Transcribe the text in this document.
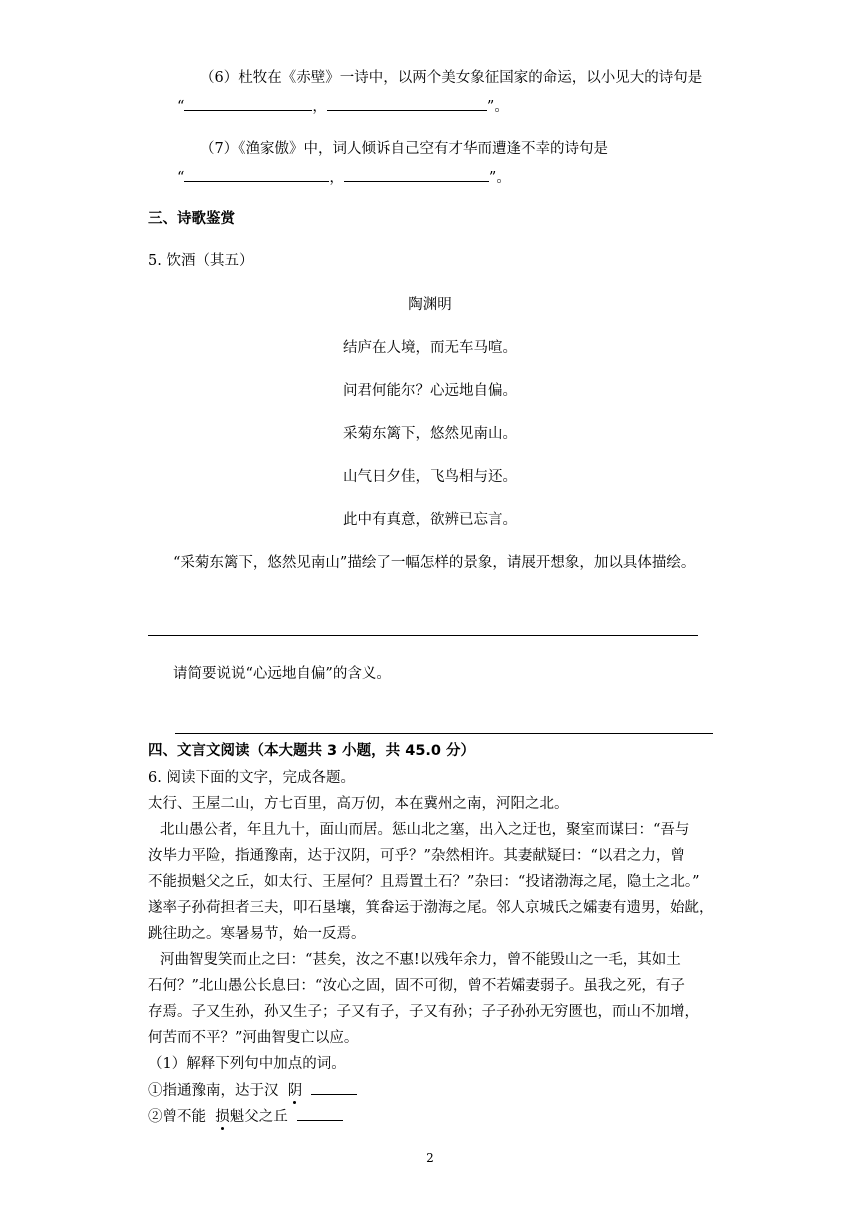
（6）杜牧在《赤壁》一诗中，以两个美女象征国家的命运，以小见大的诗句是
“	，	”。
（7）《渔家傲》中，词人倾诉自己空有才华而遭逢不幸的诗句是
“	，	”。
三、诗歌鉴赏
5. 饮酒（其五）
陶渊明
结庐在人境，而无车马喧。
问君何能尔？心远地自偏。
采菊东篱下，悠然见南山。
山气日夕佳，飞鸟相与还。
此中有真意，欲辨已忘言。
“采菊东篱下，悠然见南山”描绘了一幅怎样的景象，请展开想象，加以具体描绘。
请简要说说“心远地自偏”的含义。
四、文言文阅读（本大题共 3 小题，共 45.0 分）
6. 阅读下面的文字，完成各题。
太行、王屋二山，方七百里，高万仞，本在冀州之南，河阳之北。
北山愚公者，年且九十，面山而居。惩山北之塞，出入之迂也，聚室而谋曰：“吾与
汝毕力平险，指通豫南，达于汉阴，可乎？”杂然相许。其妻献疑曰：“以君之力，曾
不能损魁父之丘，如太行、王屋何？且焉置土石？”杂曰：“投诸渤海之尾，隐土之北。”
遂率子孙荷担者三夫，叩石垦壤，箕畚运于渤海之尾。邻人京城氏之孀妻有遗男，始龀，
跳往助之。寒暑易节，始一反焉。
河曲智叟笑而止之曰：“甚矣，汝之不惠!以残年余力，曾不能毁山之一毛，其如土
石何？”北山愚公长息曰：“汝心之固，固不可彻，曾不若孀妻弱子。虽我之死，有子
存焉。子又生孙，孙又生子；子又有子，子又有孙；子子孙孙无穷匮也，而山不加增，
何苦而不平？”河曲智叟亡以应。
（1）解释下列句中加点的词。
①指通豫南，达于汉 阴
②曾不能 损魁父之丘
2
